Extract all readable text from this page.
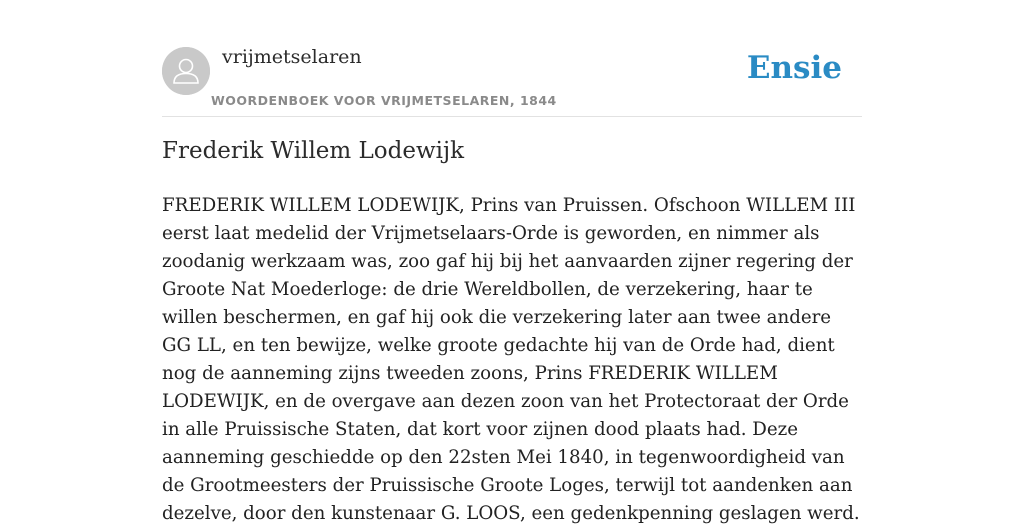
vrijmetselaren
WOORDENBOEK VOOR VRIJMETSELAREN, 1844
Ensie
Frederik Willem Lodewijk

FREDERIK WILLEM LODEWIJK, Prins van Pruissen. Ofschoon WILLEM III eerst laat medelid der Vrijmetselaars-Orde is geworden, en nimmer als zoodanig werkzaam was, zoo gaf hij bij het aanvaarden zijner regering der Groote Nat Moederloge: de drie Wereldbollen, de verzekering, haar te willen beschermen, en gaf hij ook die verzekering later aan twee andere GG LL, en ten bewijze, welke groote gedachte hij van de Orde had, dient nog de aanneming zijns tweeden zoons, Prins FREDERIK WILLEM LODEWIJK, en de overgave aan dezen zoon van het Protectoraat der Orde in alle Pruissische Staten, dat kort voor zijnen dood plaats had. Deze aanneming geschiedde op den 22sten Mei 1840, in tegenwoordigheid van de Grootmeesters der Pruissische Groote Loges, terwijl tot aandenken aan dezelve, door den kunstenaar G. LOOS, een gedenkpenning geslagen werd.
